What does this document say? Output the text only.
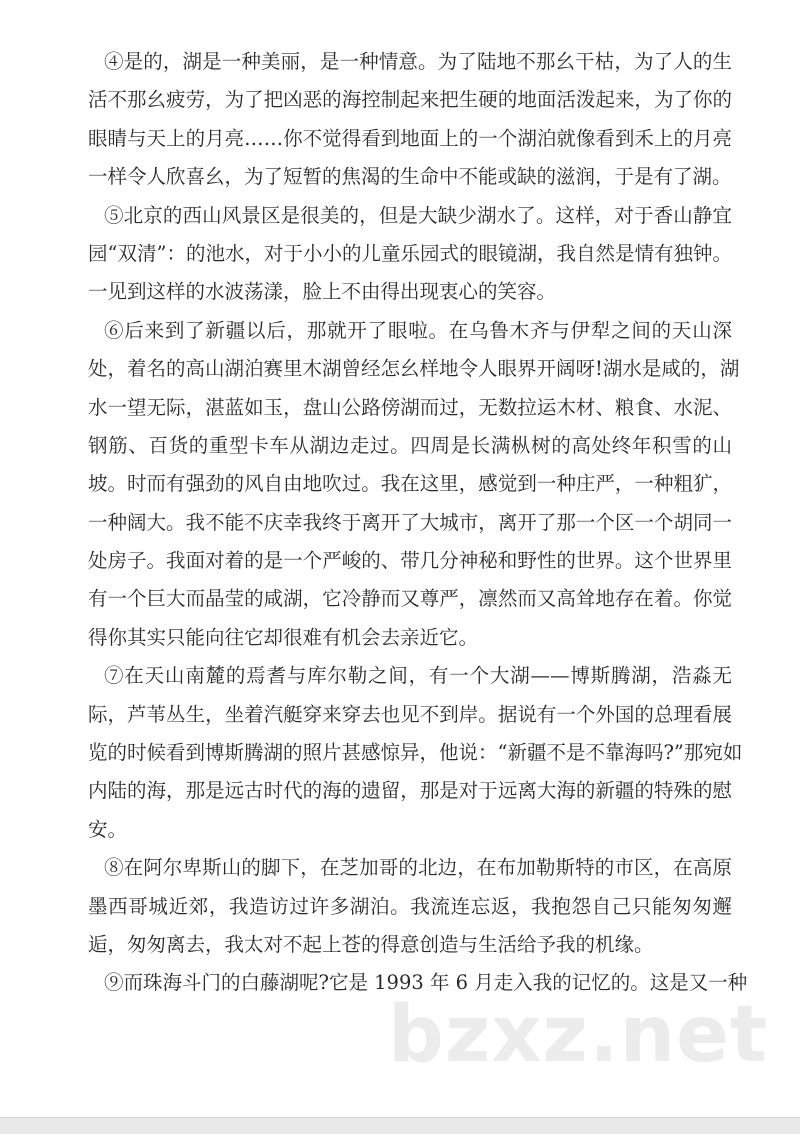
bzxz.net
④是的，湖是一种美丽，是一种情意。为了陆地不那幺干枯，为了人的生
活不那幺疲劳，为了把凶恶的海控制起来把生硬的地面活泼起来，为了你的
眼睛与天上的月亮……你不觉得看到地面上的一个湖泊就像看到禾上的月亮
一样令人欣喜幺，为了短暂的焦渴的生命中不能或缺的滋润，于是有了湖。
⑤北京的西山风景区是很美的，但是大缺少湖水了。这样，对于香山静宜
园“双清”：的池水，对于小小的儿童乐园式的眼镜湖，我自然是情有独钟。
一见到这样的水波荡漾，脸上不由得出现衷心的笑容。
⑥后来到了新疆以后，那就开了眼啦。在乌鲁木齐与伊犁之间的天山深
处，着名的高山湖泊赛里木湖曾经怎幺样地令人眼界开阔呀!湖水是咸的，湖
水一望无际，湛蓝如玉，盘山公路傍湖而过，无数拉运木材、粮食、水泥、
钢筋、百货的重型卡车从湖边走过。四周是长满枞树的高处终年积雪的山
坡。时而有强劲的风自由地吹过。我在这里，感觉到一种庄严，一种粗犷，
一种阔大。我不能不庆幸我终于离开了大城市，离开了那一个区一个胡同一
处房子。我面对着的是一个严峻的、带几分神秘和野性的世界。这个世界里
有一个巨大而晶莹的咸湖，它冷静而又尊严，凛然而又高耸地存在着。你觉
得你其实只能向往它却很难有机会去亲近它。
⑦在天山南麓的焉耆与库尔勒之间，有一个大湖——博斯腾湖，浩淼无
际，芦苇丛生，坐着汽艇穿来穿去也见不到岸。据说有一个外国的总理看展
览的时候看到博斯腾湖的照片甚感惊异，他说：“新疆不是不靠海吗?”那宛如
内陆的海，那是远古时代的海的遗留，那是对于远离大海的新疆的特殊的慰
安。
⑧在阿尔卑斯山的脚下，在芝加哥的北边，在布加勒斯特的市区，在高原
墨西哥城近郊，我造访过许多湖泊。我流连忘返，我抱怨自己只能匆匆邂
逅，匆匆离去，我太对不起上苍的得意创造与生活给予我的机缘。
⑨而珠海斗门的白藤湖呢?它是 1993 年 6 月走入我的记忆的。这是又一种
